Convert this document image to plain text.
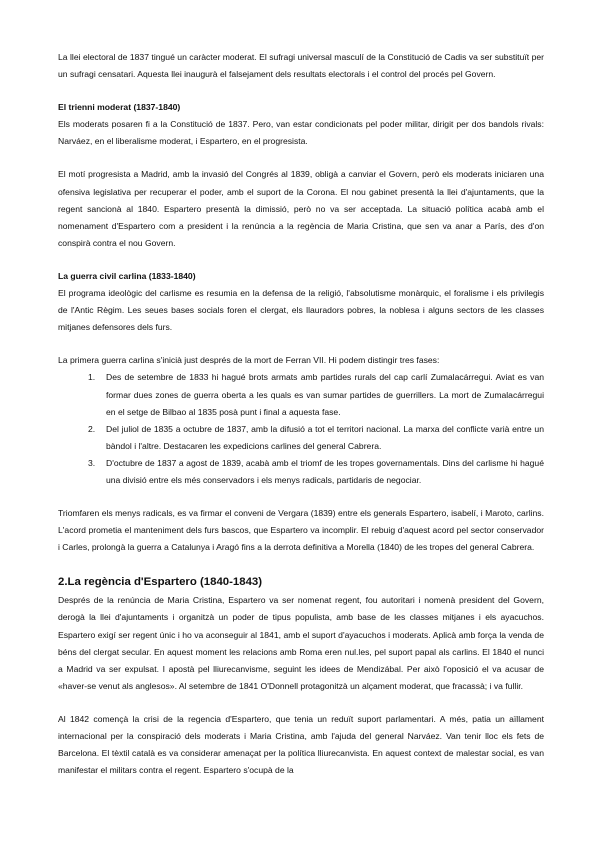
La llei electoral de 1837 tingué un caràcter moderat. El sufragi universal masculí de la Constitució de Cadis va ser substituït per un sufragi censatari. Aquesta llei inaugurà el falsejament dels resultats electorals i el control del procés pel Govern.

El trienni moderat (1837-1840)

Els moderats posaren fi a la Constitució de 1837. Pero, van estar condicionats pel poder militar, dirigit per dos bandols rivals: Narváez, en el liberalisme moderat, i Espartero, en el progresista.

El motí progresista a Madrid, amb la invasió del Congrés al 1839, obligà a canviar el Govern, però els moderats iniciaren una ofensiva legislativa per recuperar el poder, amb el suport de la Corona. El nou gabinet presentà la llei d'ajuntaments, que la regent sancionà al 1840. Espartero presentà la dimissió, però no va ser acceptada. La situació política acabà amb el nomenament d'Espartero com a president i la renúncia a la regència de Maria Cristina, que sen va anar a París, des d'on conspirà contra el nou Govern.

La guerra civil carlina (1833-1840)

El programa ideològic del carlisme es resumia en la defensa de la religió, l'absolutisme monàrquic, el foralisme i els privilegis de l'Antic Règim. Les seues bases socials foren el clergat, els llauradors pobres, la noblesa i alguns sectors de les classes mitjanes defensores dels furs.

La primera guerra carlina s'inicià just després de la mort de Ferran VII. Hi podem distingir tres fases:

1. Des de setembre de 1833 hi hagué brots armats amb partides rurals del cap carlí Zumalacárregui. Aviat es van formar dues zones de guerra oberta a les quals es van sumar partides de guerrillers. La mort de Zumalacárregui en el setge de Bilbao al 1835 posà punt i final a aquesta fase.
2. Del juliol de 1835 a octubre de 1837, amb la difusió a tot el territori nacional. La marxa del conflicte varià entre un bàndol i l'altre. Destacaren les expedicions carlines del general Cabrera.
3. D'octubre de 1837 a agost de 1839, acabà amb el triomf de les tropes governamentals. Dins del carlisme hi hagué una divisió entre els més conservadors i els menys radicals, partidaris de negociar.

Triomfaren els menys radicals, es va firmar el conveni de Vergara (1839) entre els generals Espartero, isabelí, i Maroto, carlins. L'acord prometia el manteniment dels furs bascos, que Espartero va incomplir. El rebuig d'aquest acord pel sector conservador i Carles, prolongà la guerra a Catalunya i Aragó fins a la derrota definitiva a Morella (1840) de les tropes del general Cabrera.

2.La regència d'Espartero (1840-1843)

Després de la renúncia de Maria Cristina, Espartero va ser nomenat regent, fou autoritari i nomenà president del Govern, derogà la llei d'ajuntaments i organitzà un poder de tipus populista, amb base de les classes mitjanes i els ayacuchos. Espartero exigí ser regent únic i ho va aconseguir al 1841, amb el suport d'ayacuchos i moderats. Aplicà amb força la venda de béns del clergat secular. En aquest moment les relacions amb Roma eren nul.les, pel suport papal als carlins. El 1840 el nunci a Madrid va ser expulsat. I apostà pel lliurecanvisme, seguint les idees de Mendizábal. Per això l'oposició el va acusar de «haver-se venut als anglesos». Al setembre de 1841 O'Donnell protagonitzà un alçament moderat, que fracassà; i va fullir.

Al 1842 començà la crisi de la regencia d'Espartero, que tenia un reduït suport parlamentari. A més, patia un aïllament internacional per la conspiració dels moderats i Maria Cristina, amb l'ajuda del general Narváez. Van tenir lloc els fets de Barcelona. El tèxtil català es va considerar amenaçat per la política lliurecanvista. En aquest context de malestar social, es van manifestar el militars contra el regent. Espartero s'ocupà de la
